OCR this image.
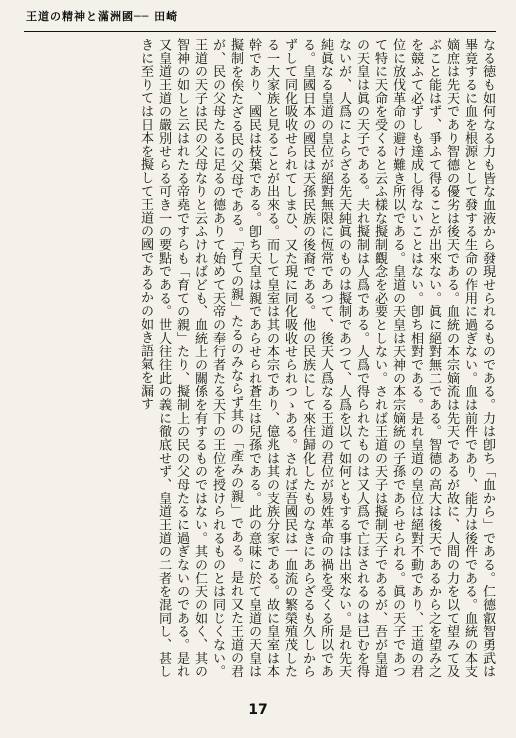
王道の精神と滿洲國── 田崎
なる徳も如何なる力も皆な血液から發現せられるものである。力は卽ち「血から」である。仁德叡智勇武は畢竟するに血を根源として發する生命の作用に過ぎない。血は前件であり、能力は後件である。血統の本支嫡庶は先天であり智德の優劣は後天である。血統の本宗嫡流は先天であるが故に、人間の力を以て望みて及ぶこと能はず、爭ふて得ることが出來ない。眞に絕對無二である。智德の高大は後天であるから之を望み之を競ふて必ずしも達成し得ないことはない。卽ち相對である。是れ皇道の皇位は絕對不動であり、王道の君位に放伐革命の避け難き所以である。皇道の天皇は天神の本宗嫡統の子孫であらせられる。眞の天子であつて特に天命を受くると云ふ樣な擬制觀念を必要としない。されば王道の天子は擬制天子であるが、吾が皇道の天皇は眞の天子である。夫れ擬制は人爲である。人爲で得られたものは又人爲で亡ほされるのは已むを得ないが、人爲によらざる先天純眞のものは擬制であつて、人爲を以て如何ともする事は出來ない。是れ先天純眞なる皇道の皇位が絕對無限に恆常であつて、後天人爲なる王道の君位が易姓革命の禍を受くる所以である。皇國日本の國民は天孫民族の後裔である。他の民族にして來住歸化したものなきにあらざるも久しからずして同化吸收せられてしまひ、又た現に同化吸收せられつゝある。されば吾國民は一血流の繁榮殖茂したる一大家族と見ることが出來る。而して皇室は其の本宗であり、億兆は其の支族分家である。故に皇室は本幹であり、國民は枝葉である。卽ち天皇は親であらせられ蒼生は兒孫である。此の意味に於て皇道の天皇は擬制を俟たざる民の父母である。「育ての親」たるのみならず其の「產みの親」である。是れ又た王道の君が、民の父母たるに足るの德ありて始めて天帝の奉行者たる天下の王位を授けられるものとは同じくない。王道の天子は民の父母なりと云ふければども、血統上の關係を有するものではない。其の仁天の如く、其の智神の如しと云はれたる帝堯ですらも「育ての親」たり、擬制上の民の父母たるに過ぎないのである。是れ又皇道王道の嚴別せらる可き一の要點である。世人往往此の義に徹底せず、皇道王道の二者を混同し、甚しきに至りては日本を擬して王道の國であるかの如き語氣を漏す
17
